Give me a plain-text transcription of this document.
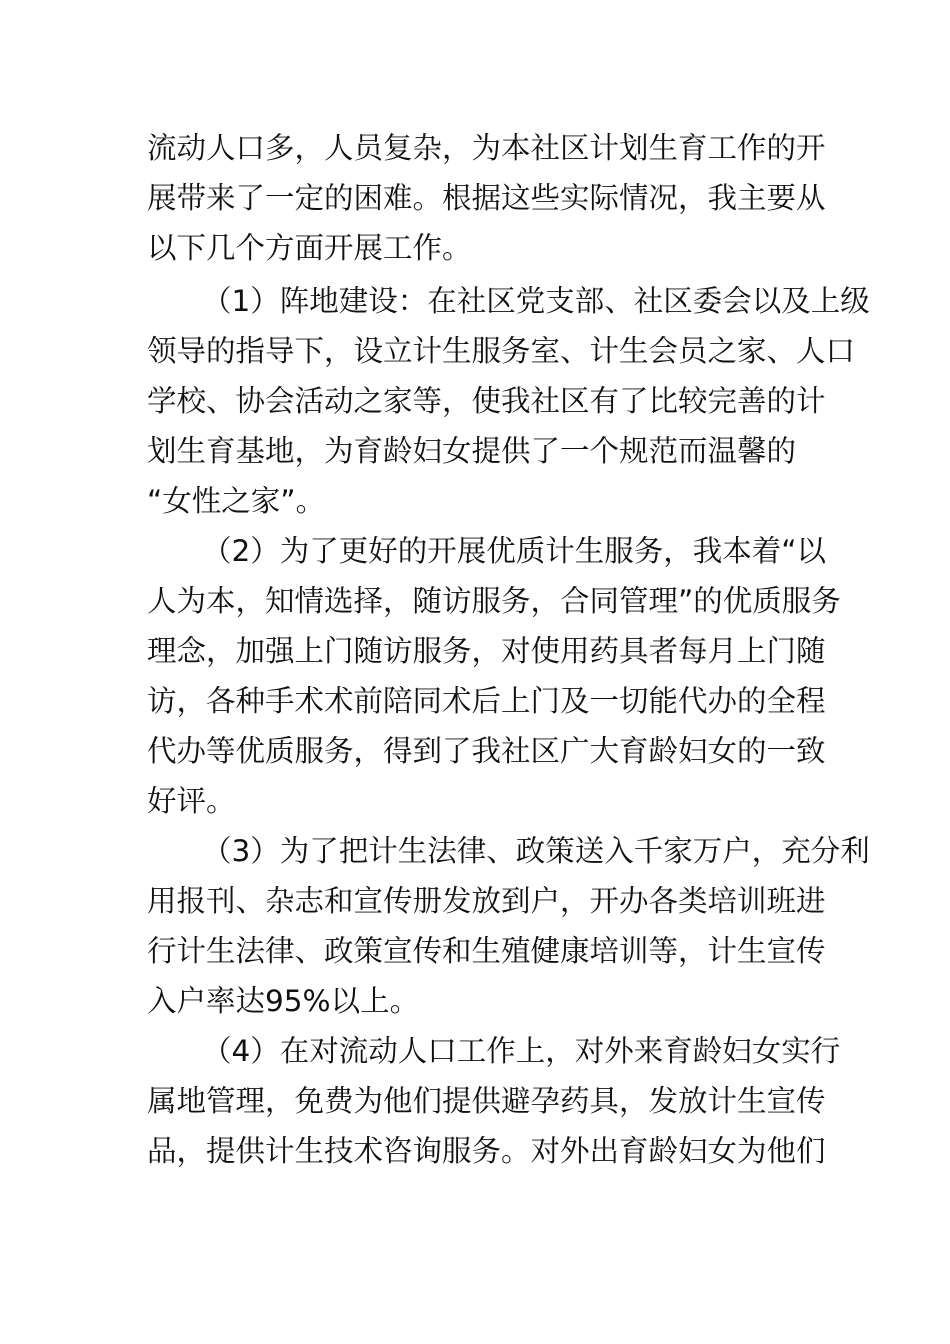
流动人口多，人员复杂，为本社区计划生育工作的开
展带来了一定的困难。根据这些实际情况，我主要从
以下几个方面开展工作。
（1）阵地建设：在社区党支部、社区委会以及上级
领导的指导下，设立计生服务室、计生会员之家、人口
学校、协会活动之家等，使我社区有了比较完善的计
划生育基地，为育龄妇女提供了一个规范而温馨的
“女性之家”。
（2）为了更好的开展优质计生服务，我本着“以
人为本，知情选择，随访服务，合同管理”的优质服务
理念，加强上门随访服务，对使用药具者每月上门随
访，各种手术术前陪同术后上门及一切能代办的全程
代办等优质服务，得到了我社区广大育龄妇女的一致
好评。
（3）为了把计生法律、政策送入千家万户，充分利
用报刊、杂志和宣传册发放到户，开办各类培训班进
行计生法律、政策宣传和生殖健康培训等，计生宣传
入户率达95%以上。
（4）在对流动人口工作上，对外来育龄妇女实行
属地管理，免费为他们提供避孕药具，发放计生宣传
品，提供计生技术咨询服务。对外出育龄妇女为他们
